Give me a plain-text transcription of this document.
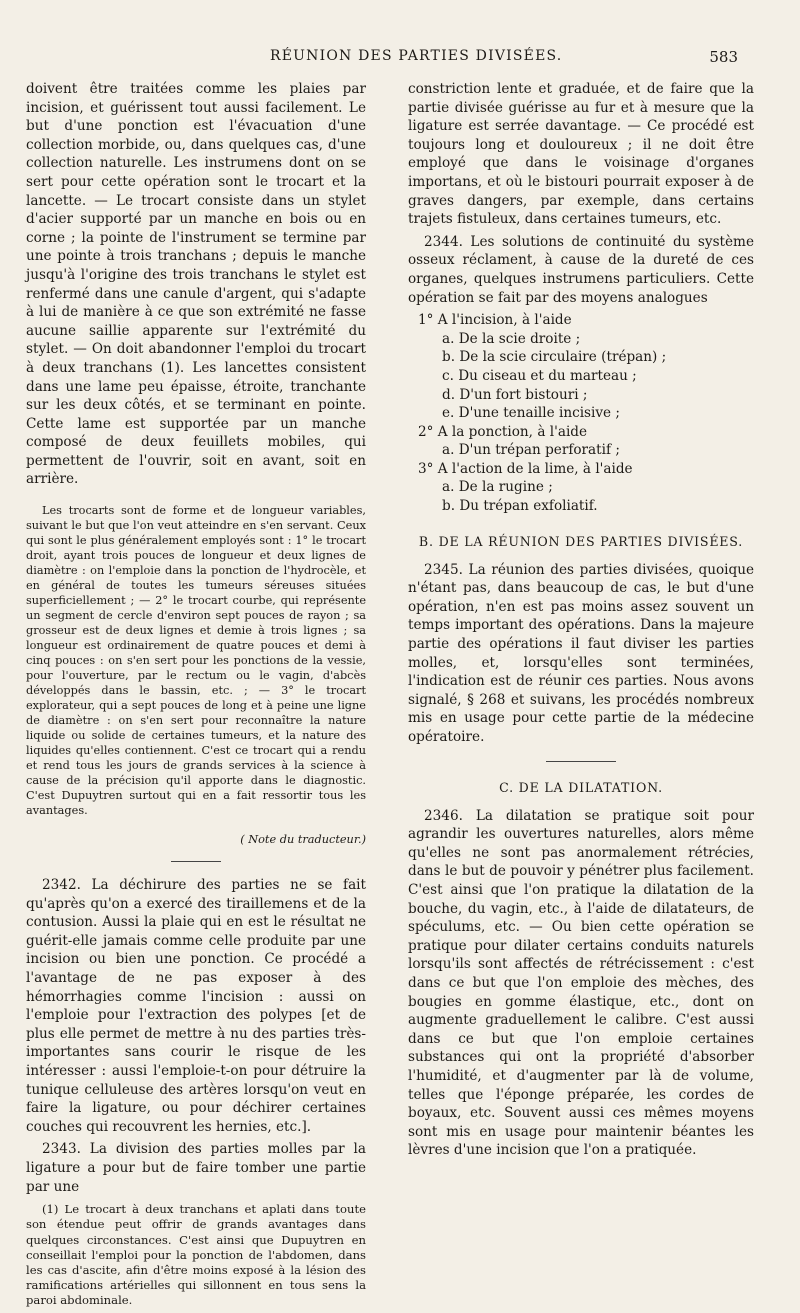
RÉUNION DES PARTIES DIVISÉES.	583

doivent être traitées comme les plaies par incision, et guérissent tout aussi facilement. Le but d'une ponction est l'évacuation d'une collection morbide, ou, dans quelques cas, d'une collection naturelle. Les instrumens dont on se sert pour cette opération sont le trocart et la lancette. — Le trocart consiste dans un stylet d'acier supporté par un manche en bois ou en corne ; la pointe de l'instrument se termine par une pointe à trois tranchans ; depuis le manche jusqu'à l'origine des trois tranchans le stylet est renfermé dans une canule d'argent, qui s'adapte à lui de manière à ce que son extrémité ne fasse aucune saillie apparente sur l'extrémité du stylet. — On doit abandonner l'emploi du trocart à deux tranchans (1). Les lancettes consistent dans une lame peu épaisse, étroite, tranchante sur les deux côtés, et se terminant en pointe. Cette lame est supportée par un manche composé de deux feuillets mobiles, qui permettent de l'ouvrir, soit en avant, soit en arrière.

Les trocarts sont de forme et de longueur variables, suivant le but que l'on veut atteindre en s'en servant. Ceux qui sont le plus généralement employés sont : 1° le trocart droit, ayant trois pouces de longueur et deux lignes de diamètre : on l'emploie dans la ponction de l'hydrocèle, et en général de toutes les tumeurs séreuses situées superficiellement ; — 2° le trocart courbe, qui représente un segment de cercle d'environ sept pouces de rayon ; sa grosseur est de deux lignes et demie à trois lignes ; sa longueur est ordinairement de quatre pouces et demi à cinq pouces : on s'en sert pour les ponctions de la vessie, pour l'ouverture, par le rectum ou le vagin, d'abcès développés dans le bassin, etc. ; — 3° le trocart explorateur, qui a sept pouces de long et à peine une ligne de diamètre : on s'en sert pour reconnaître la nature liquide ou solide de certaines tumeurs, et la nature des liquides qu'elles contiennent. C'est ce trocart qui a rendu et rend tous les jours de grands services à la science à cause de la précision qu'il apporte dans le diagnostic. C'est Dupuytren surtout qui en a fait ressortir tous les avantages.

( Note du traducteur.)

2342. La déchirure des parties ne se fait qu'après qu'on a exercé des tiraillemens et de la contusion. Aussi la plaie qui en est le résultat ne guérit-elle jamais comme celle produite par une incision ou bien une ponction. Ce procédé a l'avantage de ne pas exposer à des hémorrhagies comme l'incision : aussi on l'emploie pour l'extraction des polypes [et de plus elle permet de mettre à nu des parties très-importantes sans courir le risque de les intéresser : aussi l'emploie-t-on pour détruire la tunique celluleuse des artères lorsqu'on veut en faire la ligature, ou pour déchirer certaines couches qui recouvrent les hernies, etc.].

2343. La division des parties molles par la ligature a pour but de faire tomber une partie par une

(1) Le trocart à deux tranchans et aplati dans toute son étendue peut offrir de grands avantages dans quelques circonstances. C'est ainsi que Dupuytren en conseillait l'emploi pour la ponction de l'abdomen, dans les cas d'ascite, afin d'être moins exposé à la lésion des ramifications artérielles qui sillonnent en tous sens la paroi abdominale.

constriction lente et graduée, et de faire que la partie divisée guérisse au fur et à mesure que la ligature est serrée davantage. — Ce procédé est toujours long et douloureux ; il ne doit être employé que dans le voisinage d'organes importans, et où le bistouri pourrait exposer à de graves dangers, par exemple, dans certains trajets fistuleux, dans certaines tumeurs, etc.

2344. Les solutions de continuité du système osseux réclament, à cause de la dureté de ces organes, quelques instrumens particuliers. Cette opération se fait par des moyens analogues

1° A l'incision, à l'aide
a. De la scie droite ;
b. De la scie circulaire (trépan) ;
c. Du ciseau et du marteau ;
d. D'un fort bistouri ;
e. D'une tenaille incisive ;
2° A la ponction, à l'aide
a. D'un trépan perforatif ;
3° A l'action de la lime, à l'aide
a. De la rugine ;
b. Du trépan exfoliatif.
B. DE LA RÉUNION DES PARTIES DIVISÉES.

2345. La réunion des parties divisées, quoique n'étant pas, dans beaucoup de cas, le but d'une opération, n'en est pas moins assez souvent un temps important des opérations. Dans la majeure partie des opérations il faut diviser les parties molles, et, lorsqu'elles sont terminées, l'indication est de réunir ces parties. Nous avons signalé, § 268 et suivans, les procédés nombreux mis en usage pour cette partie de la médecine opératoire.

C. DE LA DILATATION.

2346. La dilatation se pratique soit pour agrandir les ouvertures naturelles, alors même qu'elles ne sont pas anormalement rétrécies, dans le but de pouvoir y pénétrer plus facilement. C'est ainsi que l'on pratique la dilatation de la bouche, du vagin, etc., à l'aide de dilatateurs, de spéculums, etc. — Ou bien cette opération se pratique pour dilater certains conduits naturels lorsqu'ils sont affectés de rétrécissement : c'est dans ce but que l'on emploie des mèches, des bougies en gomme élastique, etc., dont on augmente graduellement le calibre. C'est aussi dans ce but que l'on emploie certaines substances qui ont la propriété d'absorber l'humidité, et d'augmenter par là de volume, telles que l'éponge préparée, les cordes de boyaux, etc. Souvent aussi ces mêmes moyens sont mis en usage pour maintenir béantes les lèvres d'une incision que l'on a pratiquée.
